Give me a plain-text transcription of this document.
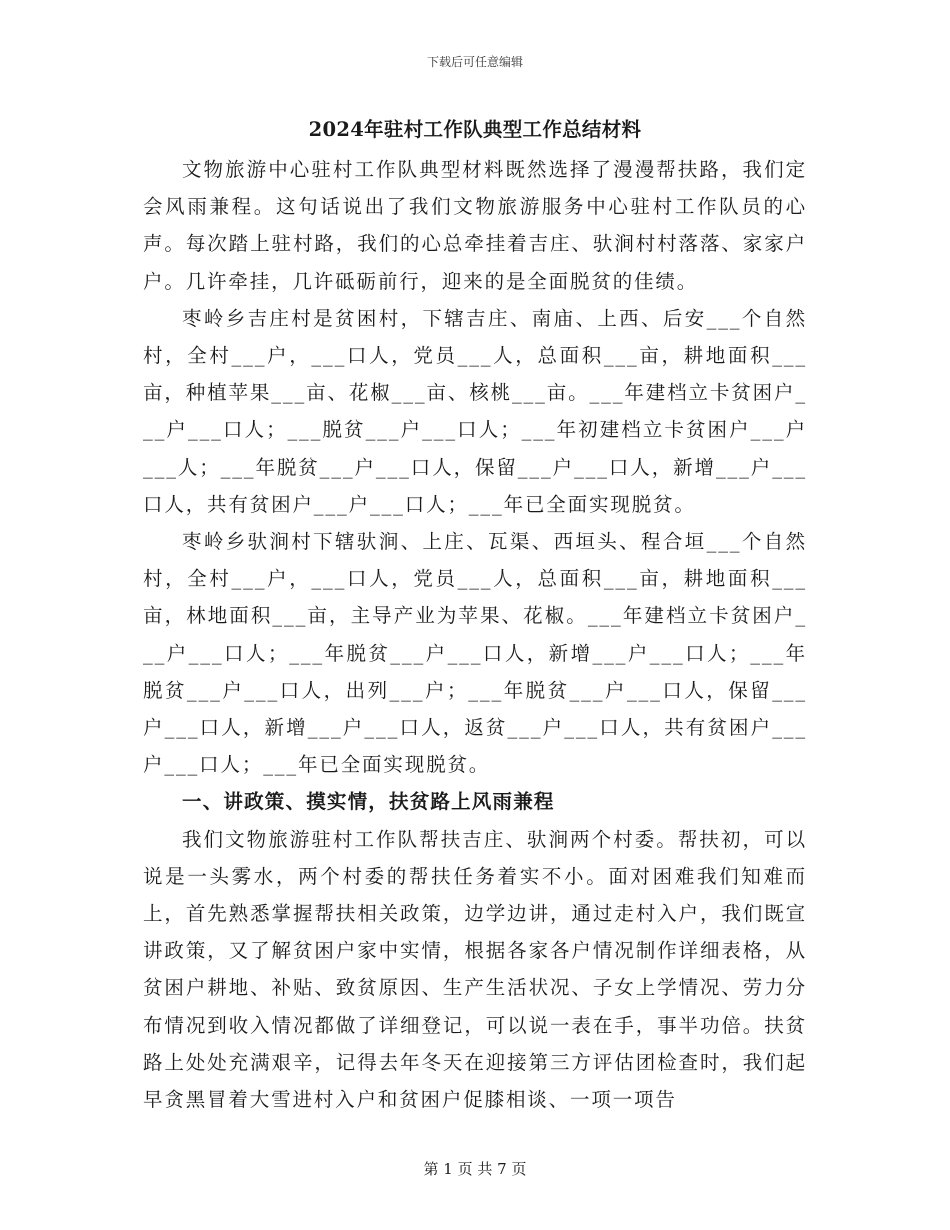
下载后可任意编辑
2024年驻村工作队典型工作总结材料

文物旅游中心驻村工作队典型材料既然选择了漫漫帮扶路，我们定会风雨兼程。这句话说出了我们文物旅游服务中心驻村工作队员的心声。每次踏上驻村路，我们的心总牵挂着吉庄、驮涧村村落落、家家户户。几许牵挂，几许砥砺前行，迎来的是全面脱贫的佳绩。

枣岭乡吉庄村是贫困村，下辖吉庄、南庙、上西、后安___个自然村，全村___户，___口人，党员___人，总面积___亩，耕地面积___亩，种植苹果___亩、花椒___亩、核桃___亩。___年建档立卡贫困户___户___口人；___脱贫___户___口人；___年初建档立卡贫困户___户___人；___年脱贫___户___口人，保留___户___口人，新增___户___口人，共有贫困户___户___口人；___年已全面实现脱贫。

枣岭乡驮涧村下辖驮涧、上庄、瓦渠、西垣头、程合垣___个自然村，全村___户，___口人，党员___人，总面积___亩，耕地面积___亩，林地面积___亩，主导产业为苹果、花椒。___年建档立卡贫困户___户___口人；___年脱贫___户___口人，新增___户___口人；___年脱贫___户___口人，出列___户；___年脱贫___户___口人，保留___户___口人，新增___户___口人，返贫___户___口人，共有贫困户___户___口人；___年已全面实现脱贫。

一、讲政策、摸实情，扶贫路上风雨兼程

我们文物旅游驻村工作队帮扶吉庄、驮涧两个村委。帮扶初，可以说是一头雾水，两个村委的帮扶任务着实不小。面对困难我们知难而上，首先熟悉掌握帮扶相关政策，边学边讲，通过走村入户，我们既宣讲政策，又了解贫困户家中实情，根据各家各户情况制作详细表格，从贫困户耕地、补贴、致贫原因、生产生活状况、子女上学情况、劳力分布情况到收入情况都做了详细登记，可以说一表在手，事半功倍。扶贫路上处处充满艰辛，记得去年冬天在迎接第三方评估团检查时，我们起早贪黑冒着大雪进村入户和贫困户促膝相谈、一项一项告

第 1 页 共 7 页
